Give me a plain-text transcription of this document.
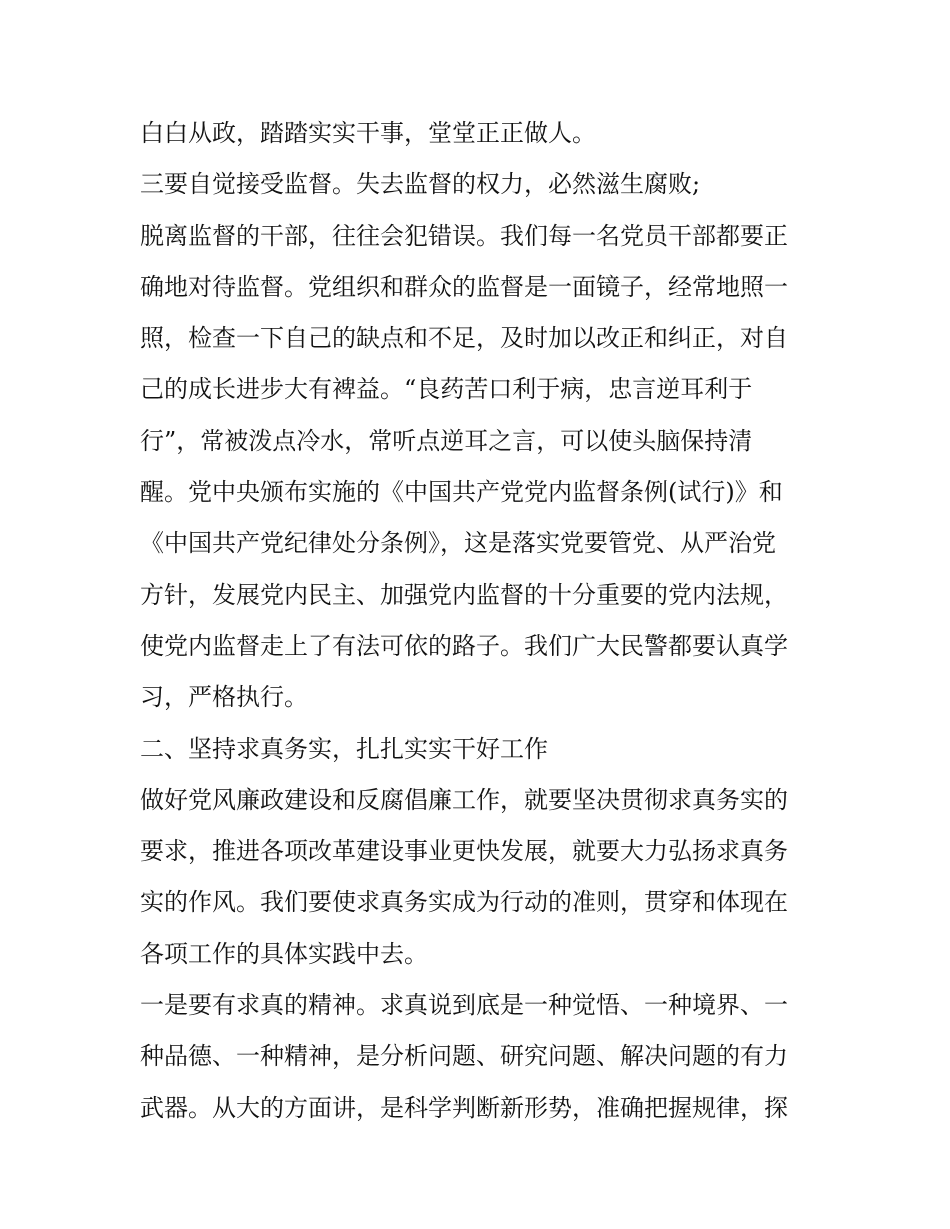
白白从政，踏踏实实干事，堂堂正正做人。
三要自觉接受监督。失去监督的权力，必然滋生腐败;
脱离监督的干部，往往会犯错误。我们每一名党员干部都要正
确地对待监督。党组织和群众的监督是一面镜子，经常地照一
照，检查一下自己的缺点和不足，及时加以改正和纠正，对自
己的成长进步大有裨益。“良药苦口利于病，忠言逆耳利于
行”，常被泼点冷水，常听点逆耳之言，可以使头脑保持清
醒。党中央颁布实施的《中国共产党党内监督条例(试行)》和
《中国共产党纪律处分条例》，这是落实党要管党、从严治党
方针，发展党内民主、加强党内监督的十分重要的党内法规，
使党内监督走上了有法可依的路子。我们广大民警都要认真学
习，严格执行。
二、坚持求真务实，扎扎实实干好工作
做好党风廉政建设和反腐倡廉工作，就要坚决贯彻求真务实的
要求，推进各项改革建设事业更快发展，就要大力弘扬求真务
实的作风。我们要使求真务实成为行动的准则，贯穿和体现在
各项工作的具体实践中去。
一是要有求真的精神。求真说到底是一种觉悟、一种境界、一
种品德、一种精神，是分析问题、研究问题、解决问题的有力
武器。从大的方面讲，是科学判断新形势，准确把握规律，探
